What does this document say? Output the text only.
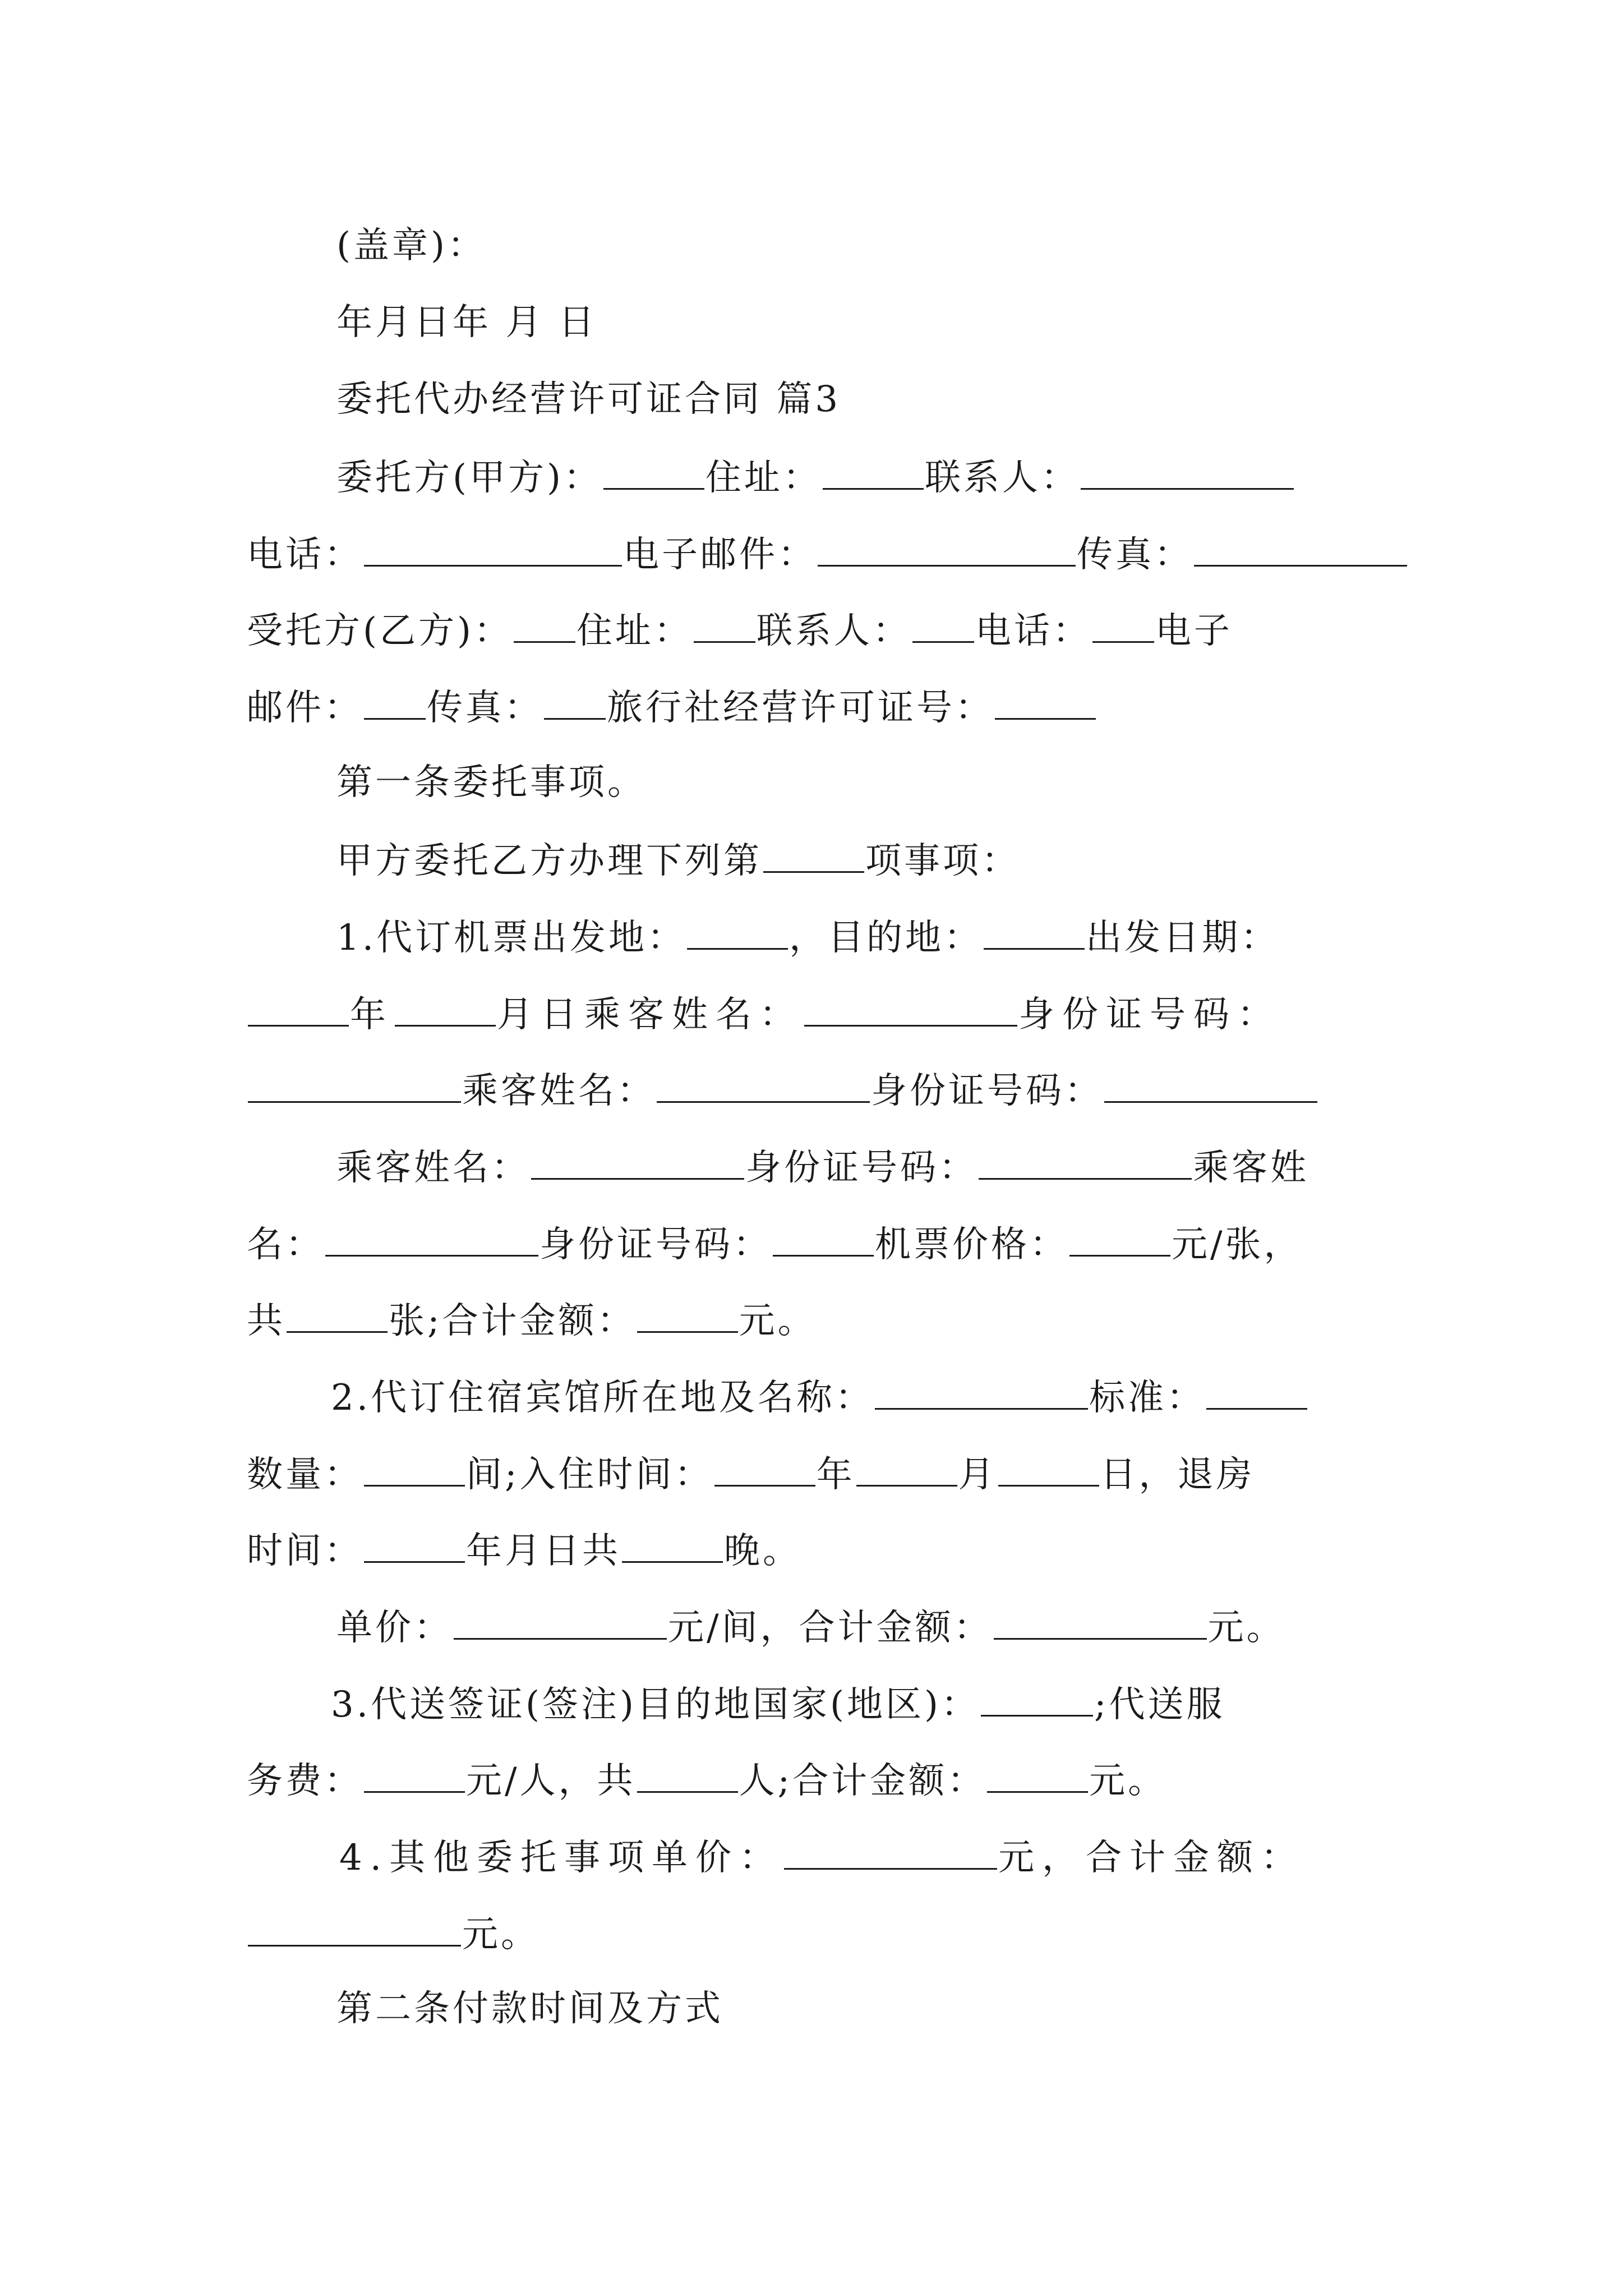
(盖章)：
年月日年 月 日
委托代办经营许可证合同 篇3
委托方(甲方)：	住址：	联系人：
电话：	电子邮件：	传真：
受托方(乙方)： 住址： 联系人： 电话： 电子
邮件： 传真： 旅行社经营许可证号：
第一条委托事项。
甲方委托乙方办理下列第	项事项：
1.代订机票出发地：	，目的地：	出发日期：
年	月日乘客姓名：	身份证号码：
乘客姓名：	身份证号码：
乘客姓名：	身份证号码：	乘客姓
名：	身份证号码：	机票价格：	元/张，
共	张;合计金额：	元。
2.代订住宿宾馆所在地及名称：	标准：
数量：	间;入住时间：	年	月	日，退房
时间：	年月日共	晚。
单价：	元/间，合计金额：	元。
3.代送签证(签注)目的地国家(地区)：	;代送服
务费：	元/人，共	人;合计金额：	元。
4.其他委托事项单价：	元，合计金额：
元。
第二条付款时间及方式
